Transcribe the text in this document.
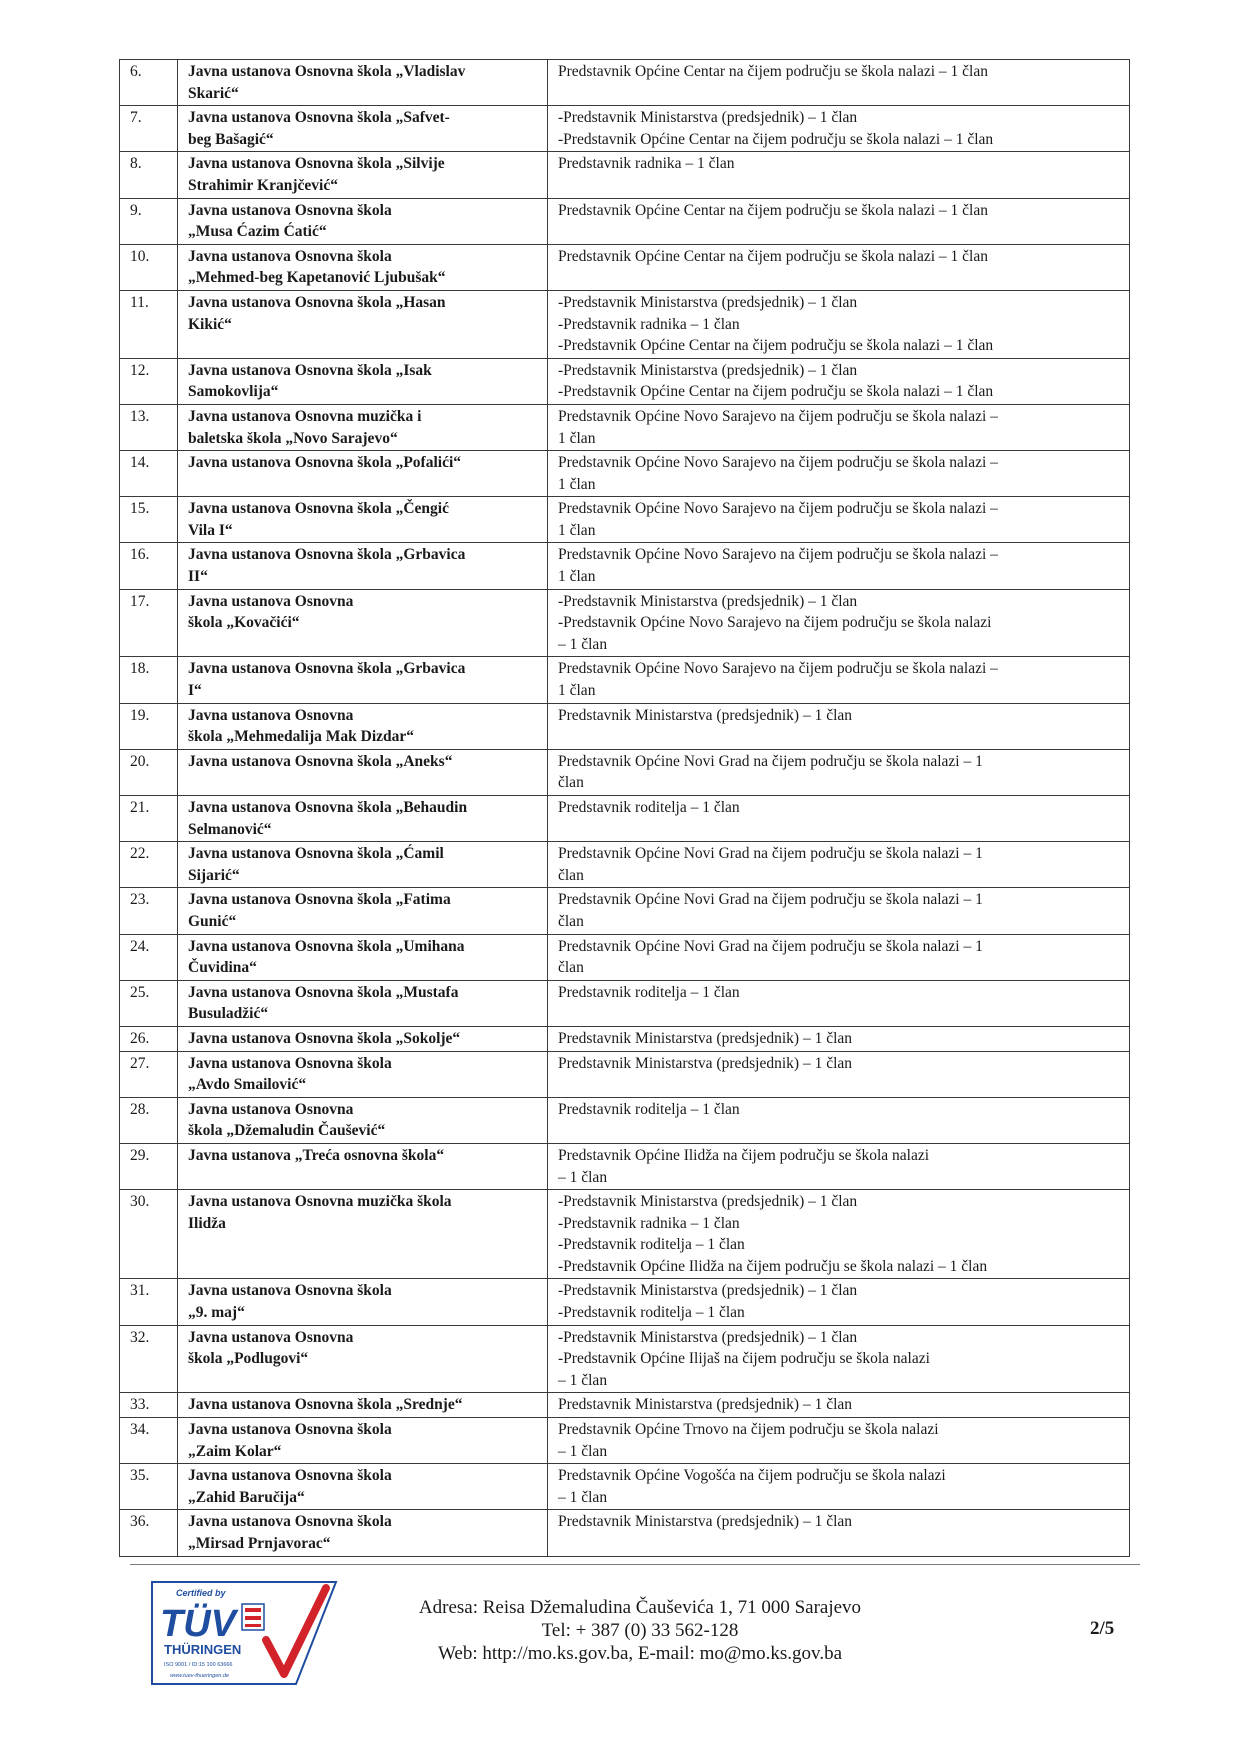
6.	Javna ustanova Osnovna škola „Vladislav
Skarić“	Predstavnik Općine Centar na čijem području se škola nalazi – 1 član

7.	Javna ustanova Osnovna škola „Safvet-
beg Bašagić“	-Predstavnik Ministarstva (predsjednik) – 1 član
-Predstavnik Općine Centar na čijem području se škola nalazi – 1 član

8.	Javna ustanova Osnovna škola „Silvije
Strahimir Kranjčević“	Predstavnik radnika – 1 član

9.	Javna ustanova Osnovna škola
„Musa Ćazim Ćatić“	Predstavnik Općine Centar na čijem području se škola nalazi – 1 član

10.	Javna ustanova Osnovna škola
„Mehmed-beg Kapetanović Ljubušak“	Predstavnik Općine Centar na čijem području se škola nalazi – 1 član

11.	Javna ustanova Osnovna škola „Hasan
Kikić“	-Predstavnik Ministarstva (predsjednik) – 1 član
-Predstavnik radnika – 1 član
-Predstavnik Općine Centar na čijem području se škola nalazi – 1 član

12.	Javna ustanova Osnovna škola „Isak
Samokovlija“	-Predstavnik Ministarstva (predsjednik) – 1 član
-Predstavnik Općine Centar na čijem području se škola nalazi – 1 član

13.	Javna ustanova Osnovna muzička i
baletska škola „Novo Sarajevo“	Predstavnik Općine Novo Sarajevo na čijem području se škola nalazi –
1 član

14.	Javna ustanova Osnovna škola „Pofalići“	Predstavnik Općine Novo Sarajevo na čijem području se škola nalazi –
1 član

15.	Javna ustanova Osnovna škola „Čengić
Vila I“	Predstavnik Općine Novo Sarajevo na čijem području se škola nalazi –
1 član

16.	Javna ustanova Osnovna škola „Grbavica
II“	Predstavnik Općine Novo Sarajevo na čijem području se škola nalazi –
1 član

17.	Javna ustanova Osnovna
škola „Kovačići“	-Predstavnik Ministarstva (predsjednik) – 1 član
-Predstavnik Općine Novo Sarajevo na čijem području se škola nalazi
– 1 član

18.	Javna ustanova Osnovna škola „Grbavica
I“	Predstavnik Općine Novo Sarajevo na čijem području se škola nalazi –
1 član

19.	Javna ustanova Osnovna
škola „Mehmedalija Mak Dizdar“	Predstavnik Ministarstva (predsjednik) – 1 član

20.	Javna ustanova Osnovna škola „Aneks“	Predstavnik Općine Novi Grad na čijem području se škola nalazi – 1
član

21.	Javna ustanova Osnovna škola „Behaudin
Selmanović“	Predstavnik roditelja – 1 član

22.	Javna ustanova Osnovna škola „Ćamil
Sijarić“	Predstavnik Općine Novi Grad na čijem području se škola nalazi – 1
član

23.	Javna ustanova Osnovna škola „Fatima
Gunić“	Predstavnik Općine Novi Grad na čijem području se škola nalazi – 1
član

24.	Javna ustanova Osnovna škola „Umihana
Čuvidina“	Predstavnik Općine Novi Grad na čijem području se škola nalazi – 1
član

25.	Javna ustanova Osnovna škola „Mustafa
Busuladžić“	Predstavnik roditelja – 1 član

26.	Javna ustanova Osnovna škola „Sokolje“	Predstavnik Ministarstva (predsjednik) – 1 član

27.	Javna ustanova Osnovna škola
„Avdo Smailović“	Predstavnik Ministarstva (predsjednik) – 1 član

28.	Javna ustanova Osnovna
škola „Džemaludin Čaušević“	Predstavnik roditelja – 1 član

29.	Javna ustanova „Treća osnovna škola“	Predstavnik Općine Ilidža na čijem području se škola nalazi
– 1 član

30.	Javna ustanova Osnovna muzička škola
Ilidža	-Predstavnik Ministarstva (predsjednik) – 1 član
-Predstavnik radnika – 1 član
-Predstavnik roditelja – 1 član
-Predstavnik Općine Ilidža na čijem području se škola nalazi – 1 član

31.	Javna ustanova Osnovna škola
„9. maj“	-Predstavnik Ministarstva (predsjednik) – 1 član
-Predstavnik roditelja – 1 član

32.	Javna ustanova Osnovna
škola „Podlugovi“	-Predstavnik Ministarstva (predsjednik) – 1 član
-Predstavnik Općine Ilijaš na čijem području se škola nalazi
– 1 član

33.	Javna ustanova Osnovna škola „Srednje“	Predstavnik Ministarstva (predsjednik) – 1 član

34.	Javna ustanova Osnovna škola
„Zaim Kolar“	Predstavnik Općine Trnovo na čijem području se škola nalazi
– 1 član

35.	Javna ustanova Osnovna škola
„Zahid Baručija“	Predstavnik Općine Vogošća na čijem području se škola nalazi
– 1 član

36.	Javna ustanova Osnovna škola
„Mirsad Prnjavorac“	Predstavnik Ministarstva (predsjednik) – 1 član
Certified by
TÜV
THÜRINGEN
ISO 9001 / ID:15 100 63666
www.tuev-thueringen.de
Adresa: Reisa Džemaludina Čauševića 1, 71 000 Sarajevo
Tel: + 387 (0) 33 562-128
Web: http://mo.ks.gov.ba, E-mail: mo@mo.ks.gov.ba
2/5
